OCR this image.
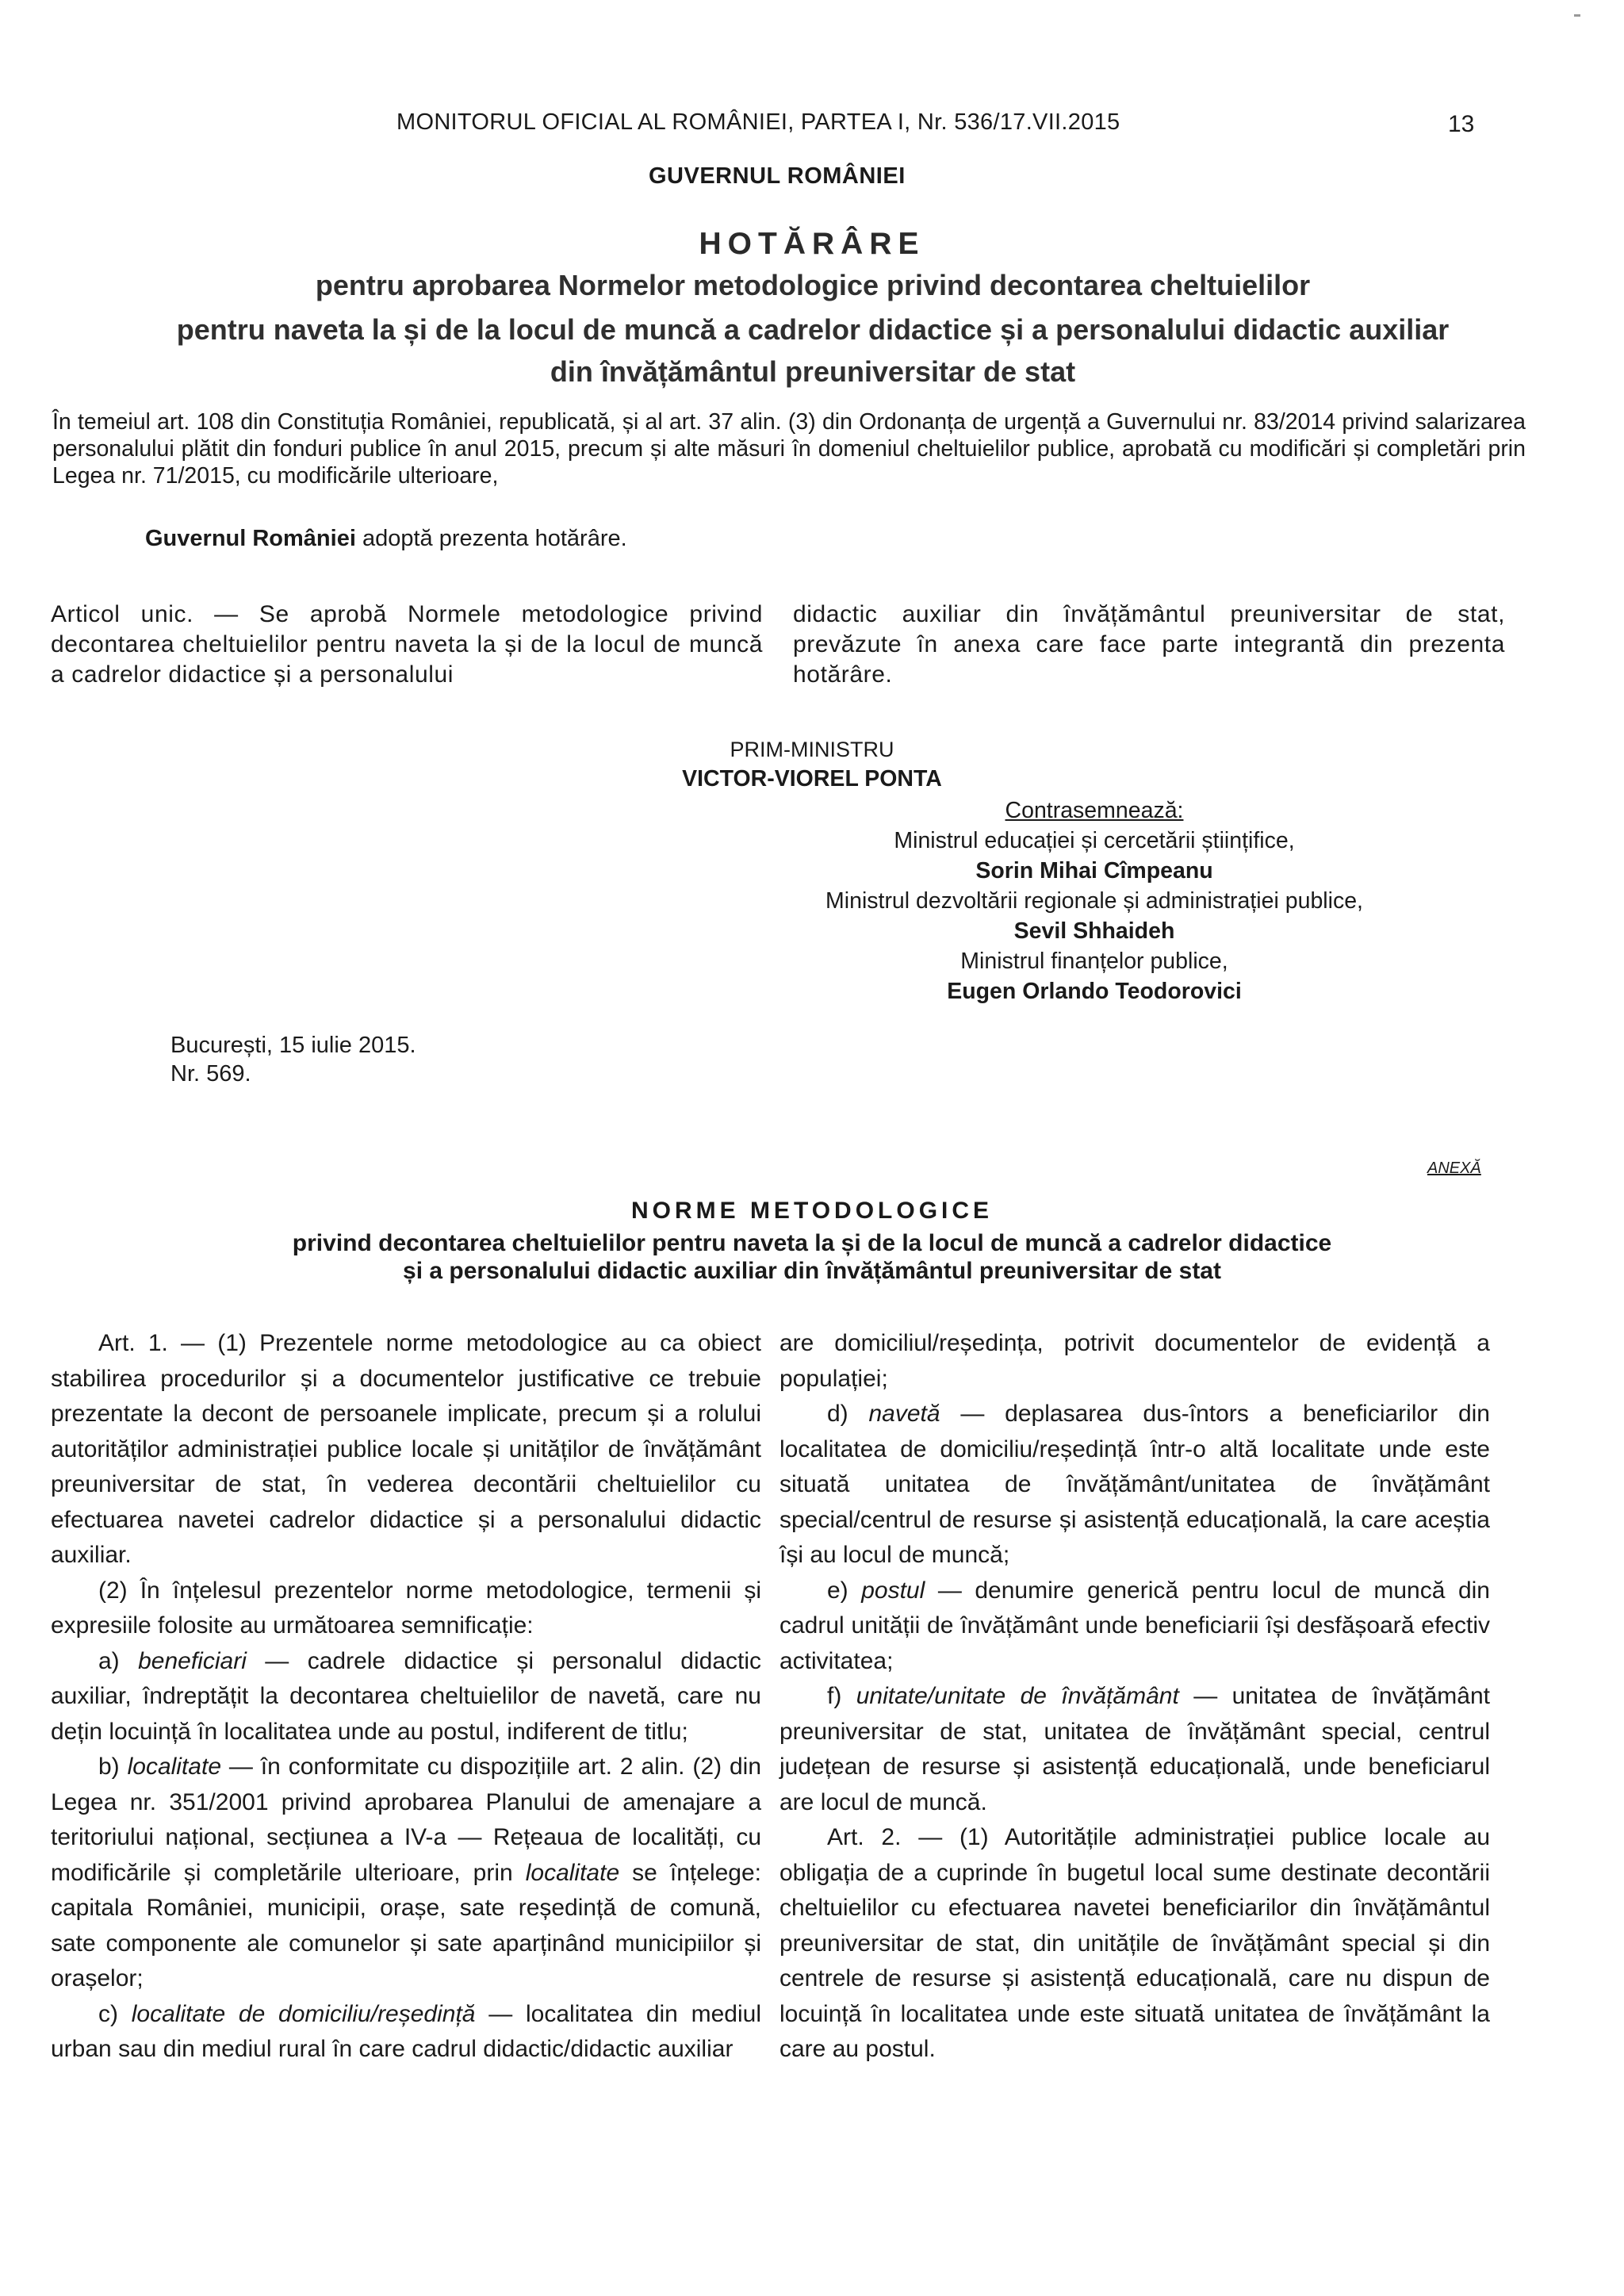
MONITORUL OFICIAL AL ROMÂNIEI, PARTEA I, Nr. 536/17.VII.2015	13
GUVERNUL ROMÂNIEI
HOTĂRÂRE
pentru aprobarea Normelor metodologice privind decontarea cheltuielilor
pentru naveta la și de la locul de muncă a cadrelor didactice și a personalului didactic auxiliar
din învățământul preuniversitar de stat
În temeiul art. 108 din Constituția României, republicată, și al art. 37 alin. (3) din Ordonanța de urgență a Guvernului nr. 83/2014 privind salarizarea personalului plătit din fonduri publice în anul 2015, precum și alte măsuri în domeniul cheltuielilor publice, aprobată cu modificări și completări prin Legea nr. 71/2015, cu modificările ulterioare,
Guvernul României adoptă prezenta hotărâre.
Articol unic. — Se aprobă Normele metodologice privind decontarea cheltuielilor pentru naveta la și de la locul de muncă a cadrelor didactice și a personalului
didactic auxiliar din învățământul preuniversitar de stat, prevăzute în anexa care face parte integrantă din prezenta hotărâre.
PRIM-MINISTRU
VICTOR-VIOREL PONTA
Contrasemnează:
Ministrul educației și cercetării științifice,
Sorin Mihai Cîmpeanu
Ministrul dezvoltării regionale și administrației publice,
Sevil Shhaideh
Ministrul finanțelor publice,
Eugen Orlando Teodorovici
București, 15 iulie 2015.
Nr. 569.
ANEXĂ
NORME METODOLOGICE
privind decontarea cheltuielilor pentru naveta la și de la locul de muncă a cadrelor didactice
și a personalului didactic auxiliar din învățământul preuniversitar de stat

Art. 1. — (1) Prezentele norme metodologice au ca obiect stabilirea procedurilor și a documentelor justificative ce trebuie prezentate la decont de persoanele implicate, precum și a rolului autorităților administrației publice locale și unităților de învățământ preuniversitar de stat, în vederea decontării cheltuielilor cu efectuarea navetei cadrelor didactice și a personalului didactic auxiliar.

(2) În înțelesul prezentelor norme metodologice, termenii și expresiile folosite au următoarea semnificație:

a) beneficiari — cadrele didactice și personalul didactic auxiliar, îndreptățit la decontarea cheltuielilor de navetă, care nu dețin locuință în localitatea unde au postul, indiferent de titlu;

b) localitate — în conformitate cu dispozițiile art. 2 alin. (2) din Legea nr. 351/2001 privind aprobarea Planului de amenajare a teritoriului național, secțiunea a IV-a — Rețeaua de localități, cu modificările și completările ulterioare, prin localitate se înțelege: capitala României, municipii, orașe, sate reședință de comună, sate componente ale comunelor și sate aparținând municipiilor și orașelor;

c) localitate de domiciliu/reședință — localitatea din mediul urban sau din mediul rural în care cadrul didactic/didactic auxiliar

are domiciliul/reședința, potrivit documentelor de evidență a populației;

d) navetă — deplasarea dus-întors a beneficiarilor din localitatea de domiciliu/reședință într-o altă localitate unde este situată unitatea de învățământ/unitatea de învățământ special/centrul de resurse și asistență educațională, la care aceștia își au locul de muncă;

e) postul — denumire generică pentru locul de muncă din cadrul unității de învățământ unde beneficiarii își desfășoară efectiv activitatea;

f) unitate/unitate de învățământ — unitatea de învățământ preuniversitar de stat, unitatea de învățământ special, centrul județean de resurse și asistență educațională, unde beneficiarul are locul de muncă.

Art. 2. — (1) Autoritățile administrației publice locale au obligația de a cuprinde în bugetul local sume destinate decontării cheltuielilor cu efectuarea navetei beneficiarilor din învățământul preuniversitar de stat, din unitățile de învățământ special și din centrele de resurse și asistență educațională, care nu dispun de locuință în localitatea unde este situată unitatea de învățământ la care au postul.
